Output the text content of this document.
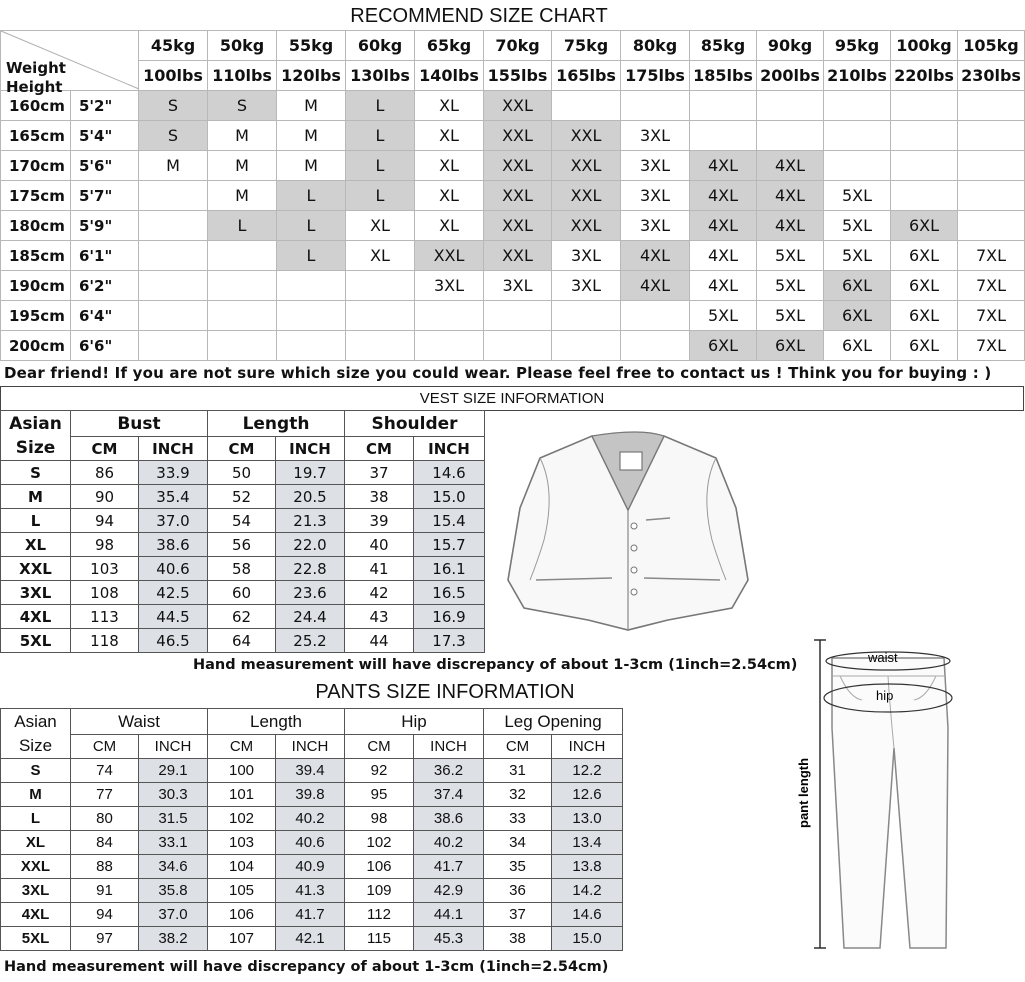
RECOMMEND SIZE CHART
Weight
Height		45kg	50kg	55kg	60kg	65kg	70kg	75kg	80kg	85kg	90kg	95kg	100kg	105kg
		100lbs	110lbs	120lbs	130lbs	140lbs	155lbs	165lbs	175lbs	185lbs	200lbs	210lbs	220lbs	230lbs
160cm	5'2"	S	S	M	L	XL	XXL							
165cm	5'4"	S	M	M	L	XL	XXL	XXL	3XL					
170cm	5'6"	M	M	M	L	XL	XXL	XXL	3XL	4XL	4XL			
175cm	5'7"		M	L	L	XL	XXL	XXL	3XL	4XL	4XL	5XL		
180cm	5'9"		L	L	XL	XL	XXL	XXL	3XL	4XL	4XL	5XL	6XL	
185cm	6'1"			L	XL	XXL	XXL	3XL	4XL	4XL	5XL	5XL	6XL	7XL
190cm	6'2"					3XL	3XL	3XL	4XL	4XL	5XL	6XL	6XL	7XL
195cm	6'4"									5XL	5XL	6XL	6XL	7XL
200cm	6'6"									6XL	6XL	6XL	6XL	7XL
Dear friend! If you are not sure which size you could wear. Please feel free to contact us ! Think you for buying : )
VEST SIZE INFORMATION
Asian
Size	Bust		Length		Shoulder	
	CM	INCH	CM	INCH	CM	INCH
S	86	33.9	50	19.7	37	14.6
M	90	35.4	52	20.5	38	15.0
L	94	37.0	54	21.3	39	15.4
XL	98	38.6	56	22.0	40	15.7
XXL	103	40.6	58	22.8	41	16.1
3XL	108	42.5	60	23.6	42	16.5
4XL	113	44.5	62	24.4	43	16.9
5XL	118	46.5	64	25.2	44	17.3
Hand measurement will have discrepancy of about 1-3cm (1inch=2.54cm)
PANTS SIZE INFORMATION
Asian
Size	Waist		Length		Hip		Leg Opening	
	CM	INCH	CM	INCH	CM	INCH	CM	INCH
S	74	29.1	100	39.4	92	36.2	31	12.2
M	77	30.3	101	39.8	95	37.4	32	12.6
L	80	31.5	102	40.2	98	38.6	33	13.0
XL	84	33.1	103	40.6	102	40.2	34	13.4
XXL	88	34.6	104	40.9	106	41.7	35	13.8
3XL	91	35.8	105	41.3	109	42.9	36	14.2
4XL	94	37.0	106	41.7	112	44.1	37	14.6
5XL	97	38.2	107	42.1	115	45.3	38	15.0
pant length
waist
hip
Hand measurement will have discrepancy of about 1-3cm (1inch=2.54cm)
